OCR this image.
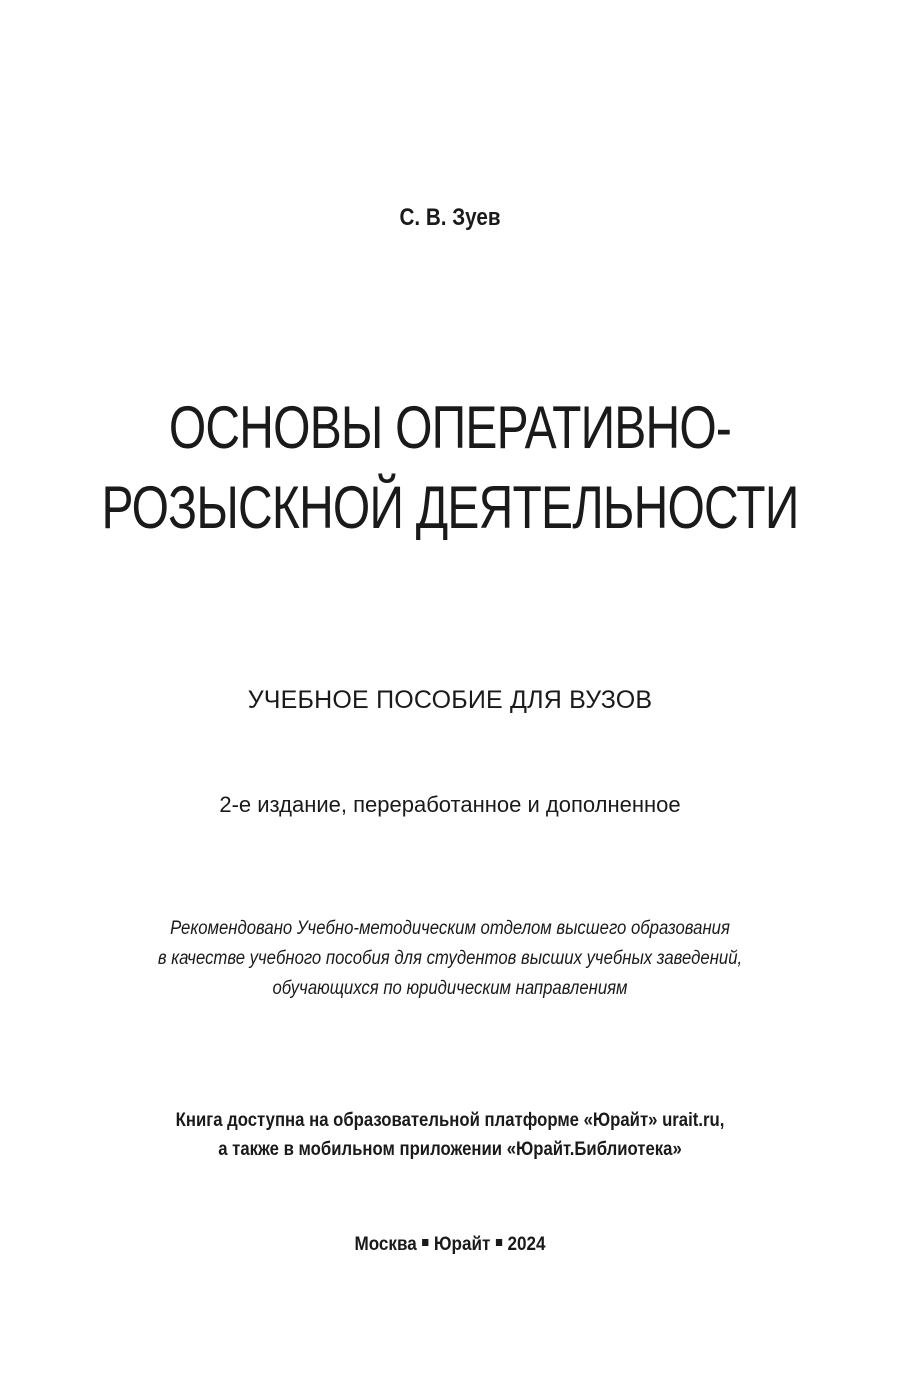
С. В. Зуев
ОСНОВЫ ОПЕРАТИВНО-
РОЗЫСКНОЙ ДЕЯТЕЛЬНОСТИ
УЧЕБНОЕ ПОСОБИЕ ДЛЯ ВУЗОВ
2-е издание, переработанное и дополненное
Рекомендовано Учебно-методическим отделом высшего образования
в качестве учебного пособия для студентов высших учебных заведений,
обучающихся по юридическим направлениям
Книга доступна на образовательной платформе «Юрайт» urait.ru,
а также в мобильном приложении «Юрайт.Библиотека»
Москва Юрайт 2024
